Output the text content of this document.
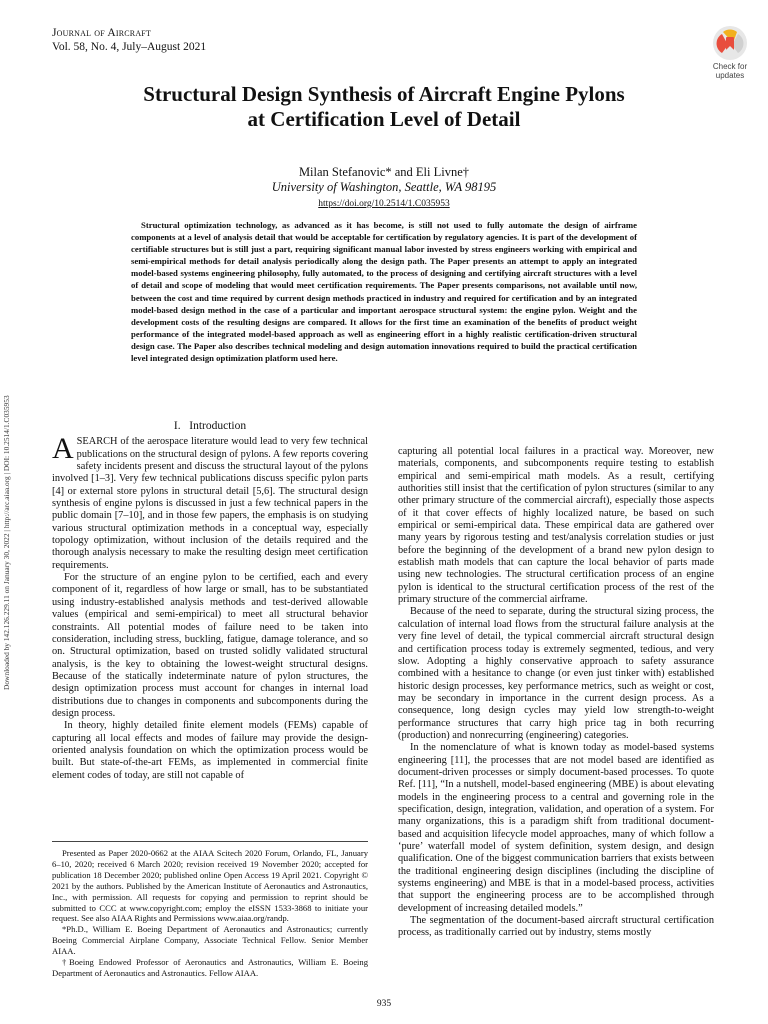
Journal of Aircraft
Vol. 58, No. 4, July–August 2021
Check for
updates
Downloaded by 142.126.229.11 on January 30, 2022 | http://arc.aiaa.org | DOI: 10.2514/1.C035953
Structural Design Synthesis of Aircraft Engine Pylons
at Certification Level of Detail
Milan Stefanovic* and Eli Livne†
University of Washington, Seattle, WA 98195
https://doi.org/10.2514/1.C035953
Structural optimization technology, as advanced as it has become, is still not used to fully automate the design of airframe components at a level of analysis detail that would be acceptable for certification by regulatory agencies. It is part of the development of certifiable structures but is still just a part, requiring significant manual labor invested by stress engineers working with empirical and semi-empirical methods for detail analysis periodically along the design path. The Paper presents an attempt to apply an integrated model-based systems engineering philosophy, fully automated, to the process of designing and certifying aircraft structures with a level of detail and scope of modeling that would meet certification requirements. The Paper presents comparisons, not available until now, between the cost and time required by current design methods practiced in industry and required for certification and by an integrated model-based design method in the case of a particular and important aerospace structural system: the engine pylon. Weight and the development costs of the resulting designs are compared. It allows for the first time an examination of the benefits of product weight performance of the integrated model-based approach as well as engineering effort in a highly realistic certification-driven structural design case. The Paper also describes technical modeling and design automation innovations required to build the practical certification level integrated design optimization platform used here.
I. Introduction

ASEARCH of the aerospace literature would lead to very few technical publications on the structural design of pylons. A few reports covering safety incidents present and discuss the structural layout of the pylons involved [1–3]. Very few technical publications discuss specific pylon parts [4] or external store pylons in structural detail [5,6]. The structural design synthesis of engine pylons is discussed in just a few technical papers in the public domain [7–10], and in those few papers, the emphasis is on studying various structural optimization methods in a conceptual way, especially topology optimization, without inclusion of the details required and the thorough analysis necessary to make the resulting design meet certification requirements.

For the structure of an engine pylon to be certified, each and every component of it, regardless of how large or small, has to be substantiated using industry-established analysis methods and test-derived allowable values (empirical and semi-empirical) to meet all structural behavior constraints. All potential modes of failure need to be taken into consideration, including stress, buckling, fatigue, damage tolerance, and so on. Structural optimization, based on trusted solidly validated structural analysis, is the key to obtaining the lowest-weight structural designs. Because of the statically indeterminate nature of pylon structures, the design optimization process must account for changes in internal load distributions due to changes in components and subcomponents during the design process.

In theory, highly detailed finite element models (FEMs) capable of capturing all local effects and modes of failure may provide the design-oriented analysis foundation on which the optimization process would be built. But state-of-the-art FEMs, as implemented in commercial finite element codes of today, are still not capable of

Presented as Paper 2020-0662 at the AIAA Scitech 2020 Forum, Orlando, FL, January 6–10, 2020; received 6 March 2020; revision received 19 November 2020; accepted for publication 18 December 2020; published online Open Access 19 April 2021. Copyright © 2021 by the authors. Published by the American Institute of Aeronautics and Astronautics, Inc., with permission. All requests for copying and permission to reprint should be submitted to CCC at www.copyright.com; employ the eISSN 1533-3868 to initiate your request. See also AIAA Rights and Permissions www.aiaa.org/randp.

*Ph.D., William E. Boeing Department of Aeronautics and Astronautics; currently Boeing Commercial Airplane Company, Associate Technical Fellow. Senior Member AIAA.

†Boeing Endowed Professor of Aeronautics and Astronautics, William E. Boeing Department of Aeronautics and Astronautics. Fellow AIAA.

capturing all potential local failures in a practical way. Moreover, new materials, components, and subcomponents require testing to establish empirical and semi-empirical math models. As a result, certifying authorities still insist that the certification of pylon structures (similar to any other primary structure of the commercial aircraft), especially those aspects of it that cover effects of highly localized nature, be based on such empirical or semi-empirical data. These empirical data are gathered over many years by rigorous testing and test/analysis correlation studies or just before the beginning of the development of a brand new pylon design to establish math models that can capture the local behavior of parts made using new technologies. The structural certification process of an engine pylon is identical to the structural certification process of the rest of the primary structure of the commercial airframe.

Because of the need to separate, during the structural sizing process, the calculation of internal load flows from the structural failure analysis at the very fine level of detail, the typical commercial aircraft structural design and certification process today is extremely segmented, tedious, and very slow. Adopting a highly conservative approach to safety assurance combined with a hesitance to change (or even just tinker with) established historic design processes, key performance metrics, such as weight or cost, may be secondary in importance in the current design process. As a consequence, long design cycles may yield low strength-to-weight performance structures that carry high price tag in both recurring (production) and nonrecurring (engineering) categories.

In the nomenclature of what is known today as model-based systems engineering [11], the processes that are not model based are identified as document-driven processes or simply document-based processes. To quote Ref. [11], “In a nutshell, model-based engineering (MBE) is about elevating models in the engineering process to a central and governing role in the specification, design, integration, validation, and operation of a system. For many organizations, this is a paradigm shift from traditional document-based and acquisition lifecycle model approaches, many of which follow a ‘pure’ waterfall model of system definition, system design, and design qualification. One of the biggest communication barriers that exists between the traditional engineering design disciplines (including the discipline of systems engineering) and MBE is that in a model-based process, activities that support the engineering process are to be accomplished through development of increasing detailed models.”

The segmentation of the document-based aircraft structural certification process, as traditionally carried out by industry, stems mostly

935
